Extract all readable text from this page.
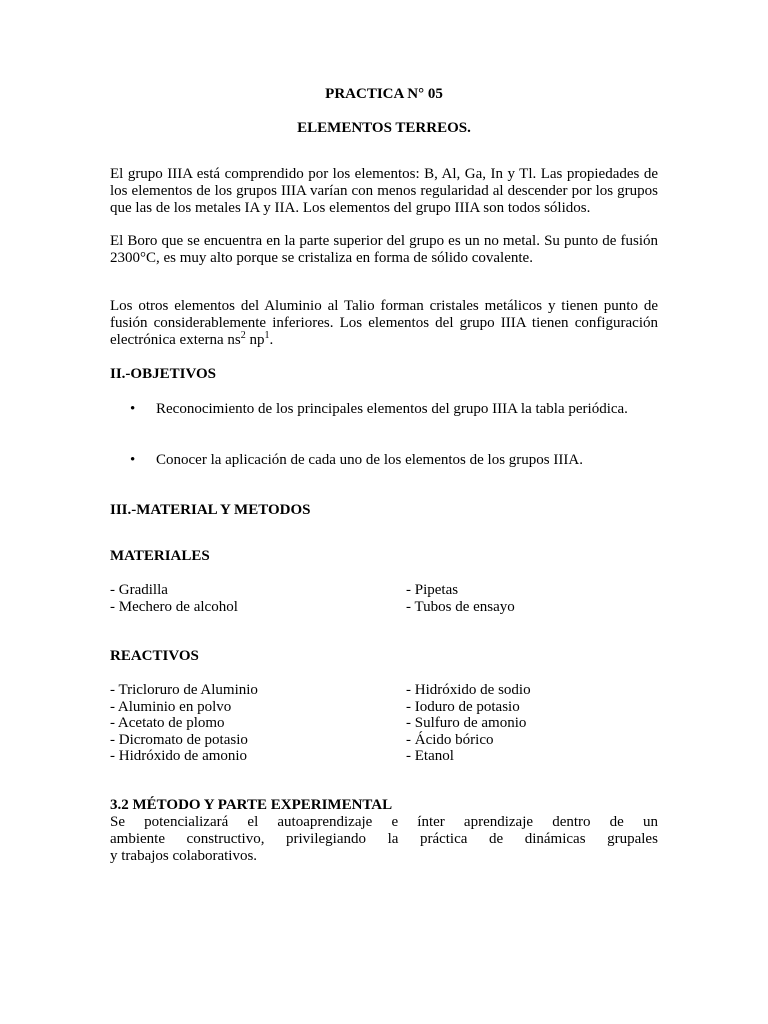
PRACTICA N° 05
ELEMENTOS TERREOS.
El grupo IIIA está comprendido por los elementos: B, Al, Ga, In y Tl. Las propiedades de los elementos de los grupos IIIA varían con menos regularidad al descender por los grupos que las de los metales IA y IIA. Los elementos del grupo IIIA son todos sólidos.
El Boro que se encuentra en la parte superior del grupo es un no metal. Su punto de fusión 2300°C, es muy alto porque se cristaliza en forma de sólido covalente.
Los otros elementos del Aluminio al Talio forman cristales metálicos y tienen punto de fusión considerablemente inferiores. Los elementos del grupo IIIA tienen configuración electrónica externa $ns^2$ $np^1$.
II.-OBJETIVOS
• Reconocimiento de los principales elementos del grupo IIIA la tabla periódica.
• Conocer la aplicación de cada uno de los elementos de los grupos IIIA.
III.-MATERIAL Y METODOS
MATERIALES
- Gradilla
- Mechero de alcohol
- Pipetas
- Tubos de ensayo
REACTIVOS
- Tricloruro de Aluminio
- Aluminio en polvo
- Acetato de plomo
- Dicromato de potasio
- Hidróxido de amonio
- Hidróxido de sodio
- Ioduro de potasio
- Sulfuro de amonio
- Ácido bórico
- Etanol
3.2 MÉTODO Y PARTE EXPERIMENTAL
Se potencializará el autoaprendizaje e ínter aprendizaje dentro de un
ambiente constructivo, privilegiando la práctica de dinámicas grupales
y trabajos colaborativos.
